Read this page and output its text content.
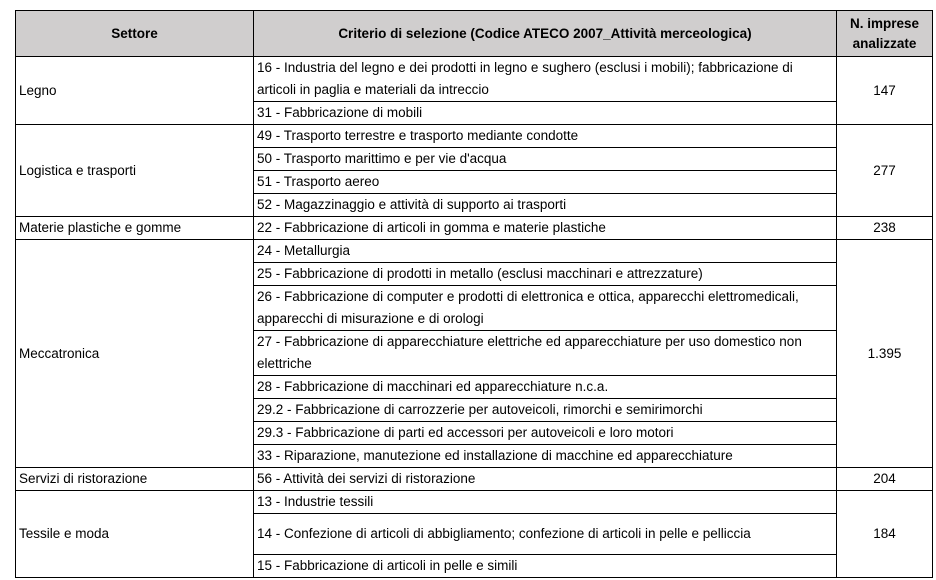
Settore	Criterio di selezione (Codice ATECO 2007_Attività merceologica)	N. imprese
analizzate
Legno	16 - Industria del legno e dei prodotti in legno e sughero (esclusi i mobili); fabbricazione di articoli in paglia e materiali da intreccio	147
	31 - Fabbricazione di mobili	
Logistica e trasporti	49 - Trasporto terrestre e trasporto mediante condotte	277
	50 - Trasporto marittimo e per vie d'acqua	
	51 - Trasporto aereo	
	52 - Magazzinaggio e attività di supporto ai trasporti	
Materie plastiche e gomme	22 - Fabbricazione di articoli in gomma e materie plastiche	238
Meccatronica	24 - Metallurgia	1.395
	25 - Fabbricazione di prodotti in metallo (esclusi macchinari e attrezzature)	
	26 - Fabbricazione di computer e prodotti di elettronica e ottica, apparecchi elettromedicali, apparecchi di misurazione e di orologi	
	27 - Fabbricazione di apparecchiature elettriche ed apparecchiature per uso domestico non elettriche	
	28 - Fabbricazione di macchinari ed apparecchiature n.c.a.	
	29.2 - Fabbricazione di carrozzerie per autoveicoli, rimorchi e semirimorchi	
	29.3 - Fabbricazione di parti ed accessori per autoveicoli e loro motori	
	33 - Riparazione, manutezione ed installazione di macchine ed apparecchiature	
Servizi di ristorazione	56 - Attività dei servizi di ristorazione	204
Tessile e moda	13 - Industrie tessili	184
	14 - Confezione di articoli di abbigliamento; confezione di articoli in pelle e pelliccia	
	15 - Fabbricazione di articoli in pelle e simili	
